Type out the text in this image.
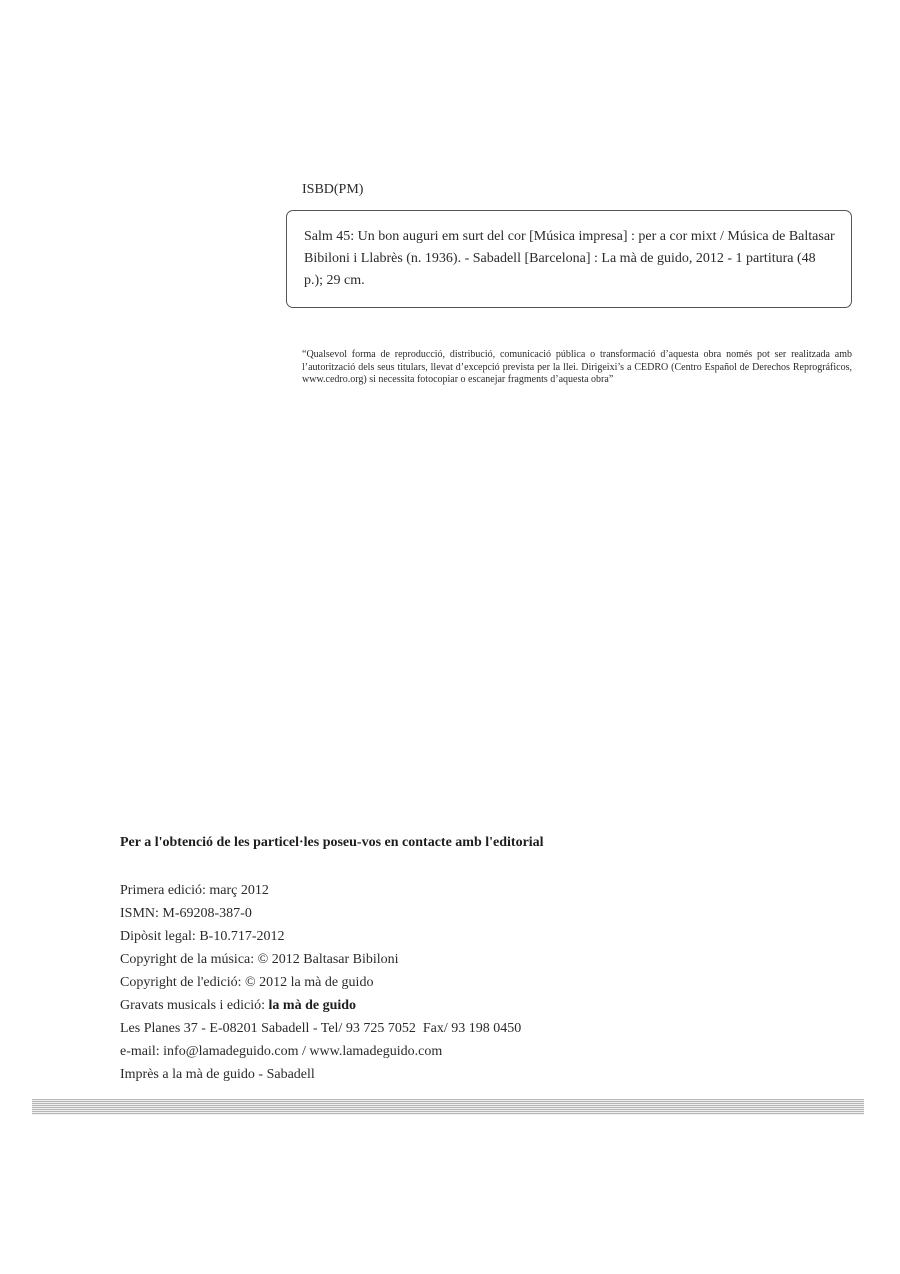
ISBD(PM)
Salm 45: Un bon auguri em surt del cor [Música impresa] : per a cor mixt / Música de Baltasar Bibiloni i Llabrès (n. 1936). - Sabadell [Barcelona] : La mà de guido, 2012 - 1 partitura (48 p.); 29 cm.
“Qualsevol forma de reproducció, distribució, comunicació pública o transformació d’aquesta obra només pot ser realitzada amb l’autorització dels seus titulars, llevat d’excepció prevista per la llei. Dirigeixi’s a CEDRO (Centro Español de Derechos Reprográficos, www.cedro.org) si necessita fotocopiar o escanejar fragments d’aquesta obra”
Per a l'obtenció de les particel·les poseu-vos en contacte amb l'editorial
Primera edició: març 2012
ISMN: M-69208-387-0
Dipòsit legal: B-10.717-2012
Copyright de la música: © 2012 Baltasar Bibiloni
Copyright de l'edició: © 2012 la mà de guido
Gravats musicals i edició: la mà de guido
Les Planes 37 - E-08201 Sabadell - Tel/ 93 725 7052  Fax/ 93 198 0450
e-mail: info@lamadeguido.com / www.lamadeguido.com
Imprès a la mà de guido - Sabadell
